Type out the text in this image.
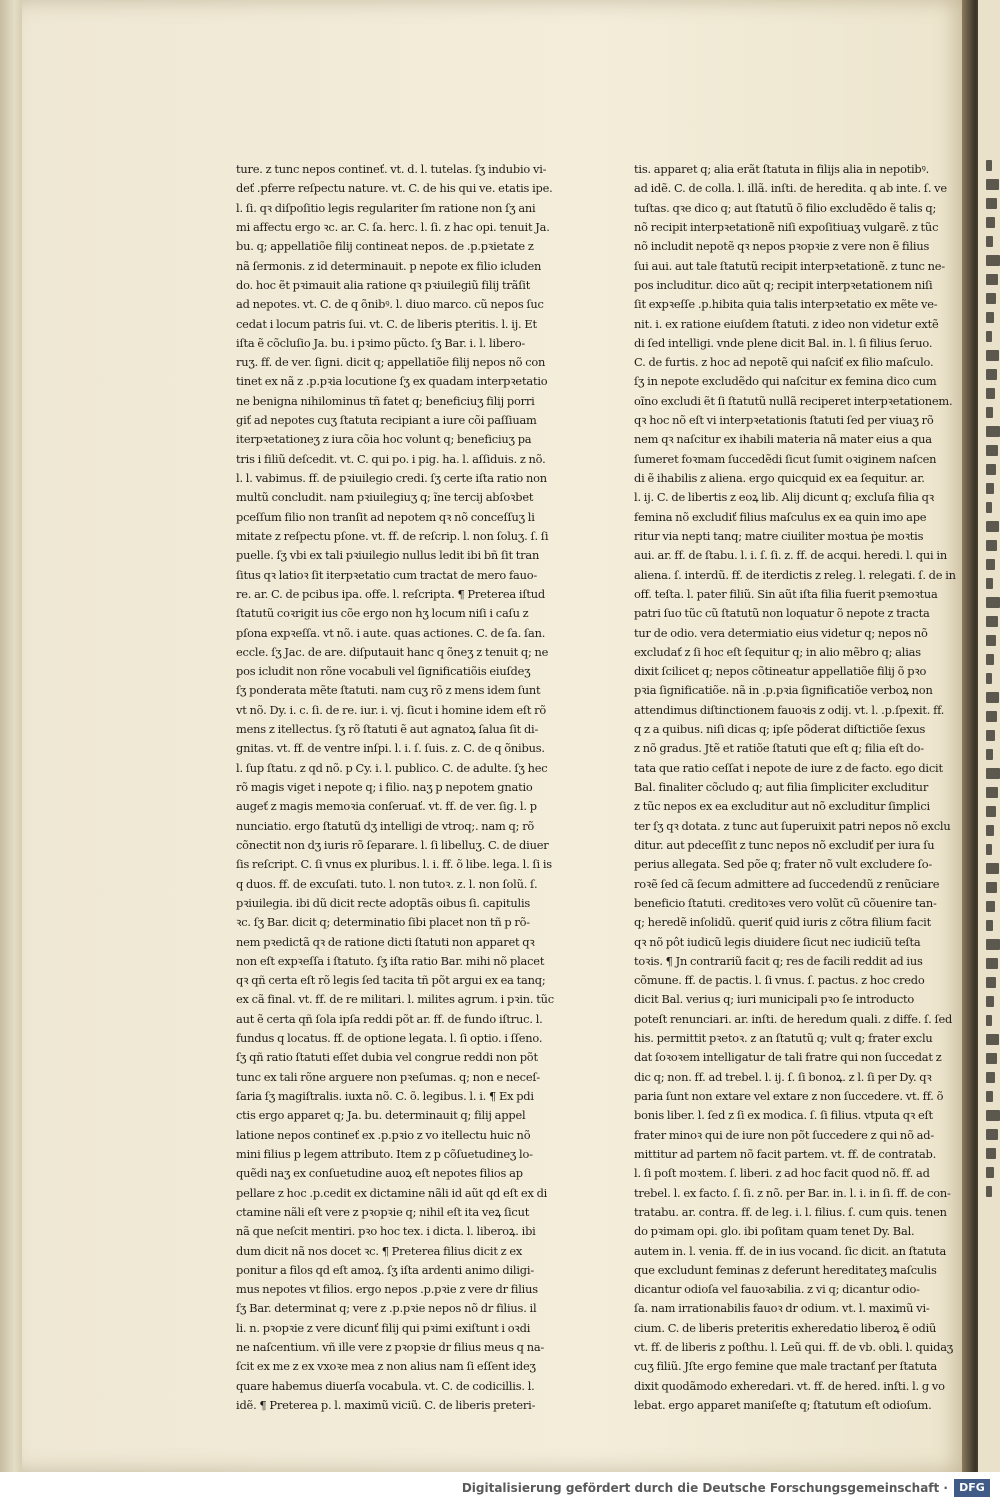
ture. z tunc nepos contineť. vt. d. l. tutelas. ſʒ indubio vi-
deť .pferre reſpectu nature. vt. C. de his qui ve. etatis ipe.
l. ſi. qꝛ diſpoſitio legis regulariter ſm ratione non ſʒ ani
mi affectu ergo ꝛc. ar. C. ſa. herc. l. ſi. z hac opi. tenuit Ja.
bu. q; appellatiõe filij contineat nepos. de .p.pꝛietate z
nã ſermonis. z id determinauit. p nepote ex filio icluden
do. hoc ẽt pꝛimauit alia ratione qꝛ pꝛiuilegiũ filij trãſit
ad nepotes. vt. C. de q õnibꝰ. l. diuo marco. cũ nepos ſuc
cedat i locum patris ſui. vt. C. de liberis pteritis. l. ij. Et
iſta ẽ cõcluſio Ja. bu. i pꝛimo pũcto. ſʒ Bar. i. l. libero-
ruʒ. ff. de ver. ſigni. dicit q; appellatiõe filij nepos nõ con
tinet ex nã z .p.pꝛia locutione ſʒ ex quadam interpꝛetatio
ne benigna nihilominus tñ fatet q; beneficiuʒ filij porri
giť ad nepotes cuʒ ſtatuta recipiant a iure cõi paſſiuam
iterpꝛetationeʒ z iura cõia hoc volunt q; beneficiuʒ pa
tris i filiũ deſcedit. vt. C. qui po. i pig. ha. l. aſſiduis. z nõ.
l. l. vabimus. ff. de pꝛiuilegio credi. ſʒ certe iſta ratio non
multũ concludit. nam pꝛiuilegiuʒ q; ĩne tercij abſoꝛbet
pceſſum filio non tranſit ad nepotem qꝛ nõ conceſſuʒ li
mitate z reſpectu pſone. vt. ff. de reſcrip. l. non ſoluʒ. ſ. ſi
puelle. ſʒ vbi ex tali pꝛiuilegio nullus ledit ibi bñ ſit tran
ſitus qꝛ latioꝛ ſit iterpꝛetatio cum tractat de mero fauo-
re. ar. C. de pcibus ipa. offe. l. reſcripta. ¶ Preterea iſtud
ſtatutũ coꝛrigit ius cõe ergo non hʒ locum niſi i caſu z
pſona expꝛeſſa. vt nõ. i aute. quas actiones. C. de ſa. ſan.
eccle. ſʒ Jac. de are. diſputauit hanc q õneʒ z tenuit q; ne
pos icludit non rõne vocabuli vel ſignificatiõis eiuſdeʒ
ſʒ ponderata mẽte ſtatuti. nam cuʒ rõ z mens idem ſunt
vt nõ. Dy. i. c. ſi. de re. iur. i. vj. ſicut i homine idem eſt rõ
mens z itellectus. ſʒ rõ ſtatuti ẽ aut agnatoꝝ ſalua ſit di-
gnitas. vt. ff. de ventre inſpi. l. i. ſ. ſuis. z. C. de q õnibus.
l. ſup ſtatu. z qd nõ. p Cy. i. l. publico. C. de adulte. ſʒ hec
rõ magis viget i nepote q; i filio. naʒ p nepotem gnatio
augeť z magis memoꝛia conſeruať. vt. ff. de ver. ſig. l. p
nunciatio. ergo ſtatutũ dʒ intelligi de vtroq;. nam q; rõ
cõnectit non dʒ iuris rõ ſeparare. l. ſi libelluʒ. C. de diuer
ſis reſcript. C. ſi vnus ex pluribus. l. i. ff. õ libe. lega. l. ſi is
q duos. ff. de excuſati. tuto. l. non tutoꝛ. z. l. non ſolũ. ſ.
pꝛiuilegia. ibi dũ dicit recte adoptãs oibus ſi. capitulis
ꝛc. ſʒ Bar. dicit q; determinatio ſibi placet non tñ p rõ-
nem pꝛedictã qꝛ de ratione dicti ſtatuti non apparet qꝛ
non eſt expꝛeſſa i ſtatuto. ſʒ iſta ratio Bar. mihi nõ placet
qꝛ qñ certa eſt rõ legis ſed tacita tñ põt argui ex ea tanq;
ex cã final. vt. ff. de re militari. l. milites agrum. i pꝛin. tũc
aut ẽ certa qñ ſola ipſa reddi põt ar. ff. de fundo iſtruc. l.
fundus q locatus. ff. de optione legata. l. ſi optio. i ſſeno.
ſʒ qñ ratio ſtatuti eſſet dubia vel congrue reddi non põt
tunc ex tali rõne arguere non pꝛeſumas. q; non e neceſ-
ſaria ſʒ magiſtralis. iuxta nõ. C. õ. legibus. l. i. ¶ Ex pdi
ctis ergo apparet q; Ja. bu. determinauit q; filij appel
latione nepos contineť ex .p.pꝛio z vo itellectu huic nõ
mini filius p legem attributo. Item z p cõſuetudineʒ lo-
quẽdi naʒ ex conſuetudine auoꝝ eſt nepotes filios ap
pellare z hoc .p.cedit ex dictamine nãli id aũt qd eſt ex di
ctamine nãli eſt vere z pꝛopꝛie q; nihil eſt ita veꝝ ſicut
nã que neſcit mentiri. pꝛo hoc tex. i dicta. l. liberoꝝ. ibi
dum dicit nã nos docet ꝛc. ¶ Preterea filius dicit z ex
ponitur a filos qd eſt amoꝝ. ſʒ iſta ardenti animo diligi-
mus nepotes vt filios. ergo nepos .p.pꝛie z vere dr filius
ſʒ Bar. determinat q; vere z .p.pꝛie nepos nõ dr filius. il
li. n. pꝛopꝛie z vere dicunť filij qui pꝛimi exiſtunt i oꝛdi
ne naſcentium. vñ ille vere z pꝛopꝛie dr filius meus q na-
ſcit ex me z ex vxoꝛe mea z non alius nam ſi eſſent ideʒ
quare habemus diuerſa vocabula. vt. C. de codicillis. l.
idẽ. ¶ Preterea p. l. maximũ viciũ. C. de liberis preteri-
tis. apparet q; alia erãt ſtatuta in filijs alia in nepotibꝰ.
ad idẽ. C. de colla. l. illã. inſti. de heredita. q ab inte. ſ. ve
tuſtas. qꝛe dico q; aut ſtatutũ õ filio excludẽdo ẽ talis q;
nõ recipit interpꝛetationẽ niſi expoſitiuaʒ vulgarẽ. z tũc
nõ includit nepotẽ qꝛ nepos pꝛopꝛie z vere non ẽ filius
ſui aui. aut tale ſtatutũ recipit interpꝛetationẽ. z tunc ne-
pos includitur. dico aũt q; recipit interpꝛetationem niſi
ſit expꝛeſſe .p.hibita quia talis interpꝛetatio ex mẽte ve-
nit. i. ex ratione eiuſdem ſtatuti. z ideo non videtur extẽ
di ſed intelligi. vnde plene dicit Bal. in. l. ſi filius ſeruo.
C. de furtis. z hoc ad nepotẽ qui naſciť ex filio maſculo.
ſʒ in nepote excludẽdo qui naſcitur ex femina dico cum
oĩno excludi ẽt ſi ſtatutũ nullã reciperet interpꝛetationem.
qꝛ hoc nõ eſt vi interpꝛetationis ſtatuti ſed per viuaʒ rõ
nem qꝛ naſcitur ex ihabili materia nã mater eius a qua
ſumeret foꝛmam ſuccedẽdi ſicut ſumit oꝛiginem naſcen
di ẽ ihabilis z aliena. ergo quicquid ex ea ſequitur. ar.
l. ij. C. de libertis z eoꝝ lib. Alij dicunt q; excluſa filia qꝛ
femina nõ excludiť filius maſculus ex ea quin imo ape
ritur via nepti tanq; matre ciuiliter moꝛtua ṗe moꝛtis
aui. ar. ff. de ſtabu. l. i. ſ. ſi. z. ff. de acqui. heredi. l. qui in
aliena. ſ. interdũ. ff. de iterdictis z releg. l. relegati. ſ. de in
off. teſta. l. pater filiũ. Sin aũt iſta filia fuerit pꝛemoꝛtua
patri ſuo tũc cũ ſtatutũ non loquatur õ nepote z tracta
tur de odio. vera determiatio eius videtur q; nepos nõ
excludať z ſi hoc eſt ſequitur q; in alio mẽbro q; alias
dixit ſcilicet q; nepos cõtineatur appellatiõe filij õ pꝛo
pꝛia ſignificatiõe. nã in .p.pꝛia ſignificatiõe verboꝝ non
attendimus diſtinctionem fauoꝛis z odij. vt. l. .p.ſpexit. ff.
q z a quibus. niſi dicas q; ipſe põderat diſtictiõe ſexus
z nõ gradus. Jtẽ et ratiõe ſtatuti que eſt q; filia eſt do-
tata que ratio ceſſat i nepote de iure z de facto. ego dicit
Bal. finaliter cõcludo q; aut filia ſimpliciter excluditur
z tũc nepos ex ea excluditur aut nõ excluditur ſimplici
ter ſʒ qꝛ dotata. z tunc aut ſuperuixit patri nepos nõ exclu
ditur. aut pdeceſſit z tunc nepos nõ excludiť per iura ſu
perius allegata. Sed põe q; frater nõ vult excludere ſo-
roꝛẽ ſed cã ſecum admittere ad ſuccedendũ z renũciare
beneficio ſtatuti. creditoꝛes vero volũt cũ cõuenire tan-
q; heredẽ inſolidũ. queriť quid iuris z cõtra filium facit
qꝛ nõ pôt iudicũ legis diuidere ſicut nec iudiciũ teſta
toꝛis. ¶ Jn contrariũ facit q; res de facili reddit ad ius
cõmune. ff. de pactis. l. ſi vnus. ſ. pactus. z hoc credo
dicit Bal. verius q; iuri municipali pꝛo ſe introducto
poteſt renunciari. ar. inſti. de heredum quali. z diffe. ſ. ſed
his. permittit pꝛetoꝛ. z an ſtatutũ q; vult q; frater exclu
dat ſoꝛoꝛem intelligatur de tali fratre qui non ſuccedat z
dic q; non. ff. ad trebel. l. ij. ſ. ſi bonoꝝ. z l. ſi per Dy. qꝛ
paria ſunt non extare vel extare z non ſuccedere. vt. ff. õ
bonis liber. l. ſed z ſi ex modica. ſ. ſi filius. vtputa qꝛ eſt
frater minoꝛ qui de iure non põt ſuccedere z qui nõ ad-
mittitur ad partem nõ facit partem. vt. ff. de contratab.
l. ſi poſt moꝛtem. ſ. liberi. z ad hoc facit quod nõ. ff. ad
trebel. l. ex facto. ſ. ſi. z nõ. per Bar. in. l. i. in ſi. ff. de con-
tratabu. ar. contra. ff. de leg. i. l. filius. ſ. cum quis. tenen
do pꝛimam opi. glo. ibi poſitam quam tenet Dy. Bal.
autem in. l. venia. ff. de in ius vocand. ſic dicit. an ſtatuta
que excludunt feminas z deferunt hereditateʒ maſculis
dicantur odioſa vel fauoꝛabilia. z vi q; dicantur odio-
ſa. nam irrationabilis fauoꝛ dr odium. vt. l. maximũ vi-
cium. C. de liberis preteritis exheredatio liberoꝝ ẽ odiũ
vt. ff. de liberis z poſthu. l. Leũ qui. ff. de vb. obli. l. quidaʒ
cuʒ filiũ. Jſte ergo femine que male tractanť per ſtatuta
dixit quodãmodo exheredari. vt. ff. de hered. inſti. l. g vo
lebat. ergo apparet maniſeſte q; ſtatutum eſt odioſum.
Digitalisierung gefördert durch die Deutsche Forschungsgemeinschaft ·	DFG
